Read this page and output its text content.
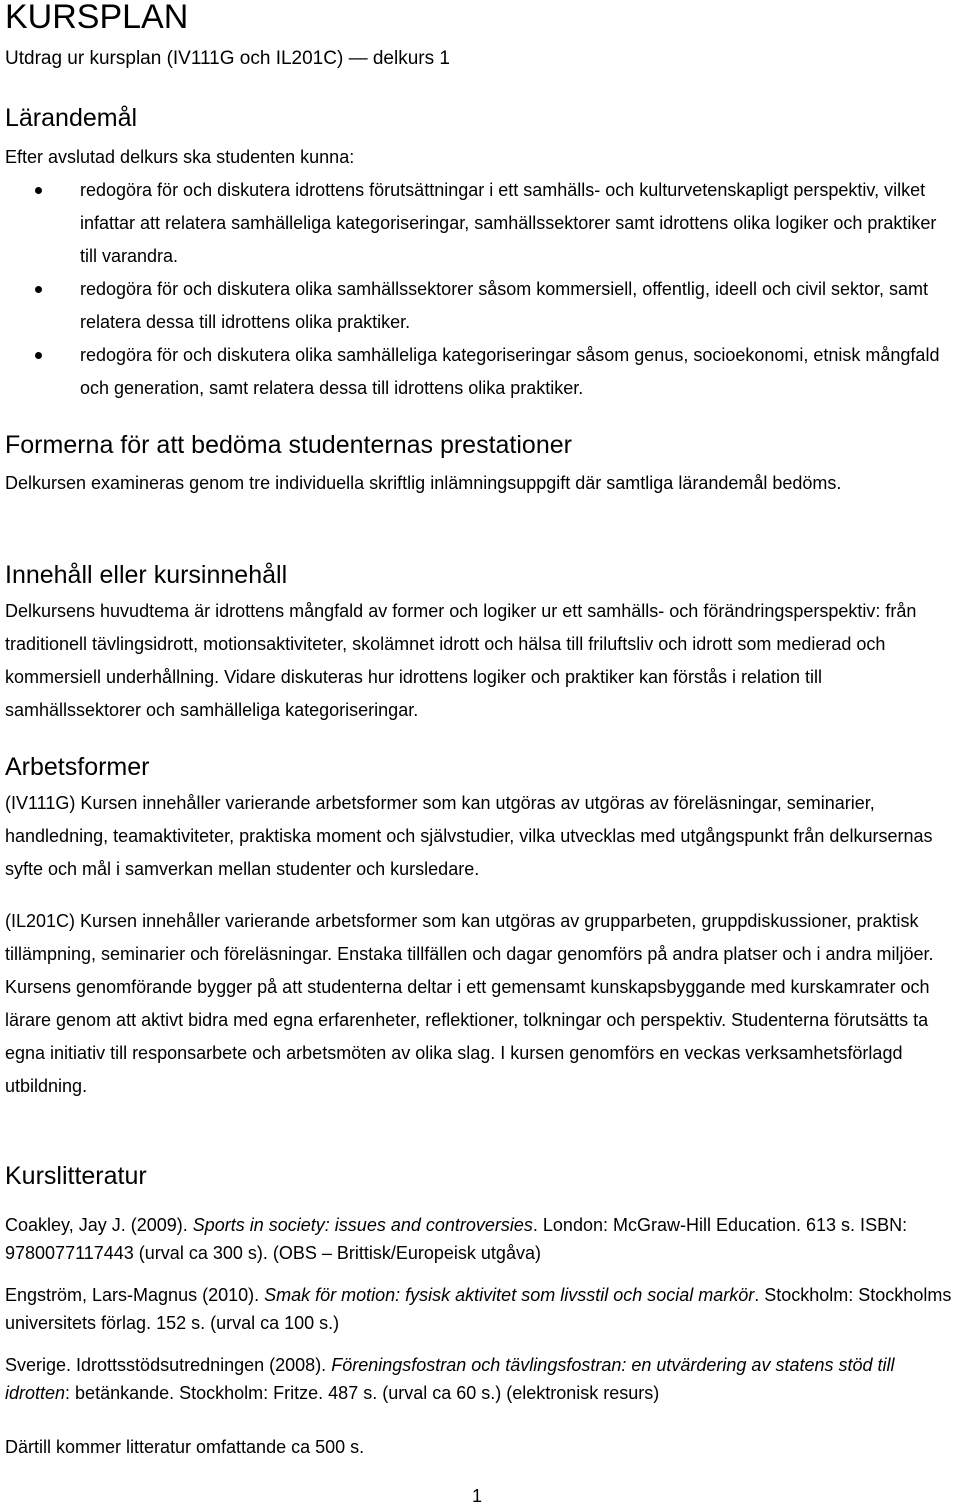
KURSPLAN
Utdrag ur kursplan (IV111G och IL201C) — delkurs 1
Lärandemål
Efter avslutad delkurs ska studenten kunna:
redogöra för och diskutera idrottens förutsättningar i ett samhälls- och kulturvetenskapligt perspektiv, vilket infattar att relatera samhälleliga kategoriseringar, samhällssektorer samt idrottens olika logiker och praktiker till varandra.
redogöra för och diskutera olika samhällssektorer såsom kommersiell, offentlig, ideell och civil sektor, samt relatera dessa till idrottens olika praktiker.
redogöra för och diskutera olika samhälleliga kategoriseringar såsom genus, socioekonomi, etnisk mångfald och generation, samt relatera dessa till idrottens olika praktiker.
Formerna för att bedöma studenternas prestationer
Delkursen examineras genom tre individuella skriftlig inlämningsuppgift där samtliga lärandemål bedöms.
Innehåll eller kursinnehåll
Delkursens huvudtema är idrottens mångfald av former och logiker ur ett samhälls- och förändringsperspektiv: från traditionell tävlingsidrott, motionsaktiviteter, skolämnet idrott och hälsa till friluftsliv och idrott som medierad och kommersiell underhållning. Vidare diskuteras hur idrottens logiker och praktiker kan förstås i relation till samhällssektorer och samhälleliga kategoriseringar.
Arbetsformer
(IV111G) Kursen innehåller varierande arbetsformer som kan utgöras av utgöras av föreläsningar, seminarier, handledning, teamaktiviteter, praktiska moment och självstudier, vilka utvecklas med utgångspunkt från delkursernas syfte och mål i samverkan mellan studenter och kursledare.
(IL201C) Kursen innehåller varierande arbetsformer som kan utgöras av grupparbeten, gruppdiskussioner, praktisk tillämpning, seminarier och föreläsningar. Enstaka tillfällen och dagar genomförs på andra platser och i andra miljöer. Kursens genomförande bygger på att studenterna deltar i ett gemensamt kunskapsbyggande med kurskamrater och lärare genom att aktivt bidra med egna erfarenheter, reflektioner, tolkningar och perspektiv. Studenterna förutsätts ta egna initiativ till responsarbete och arbetsmöten av olika slag. I kursen genomförs en veckas verksamhetsförlagd utbildning.
Kurslitteratur
Coakley, Jay J. (2009). Sports in society: issues and controversies. London: McGraw-Hill Education. 613 s. ISBN: 9780077117443 (urval ca 300 s). (OBS – Brittisk/Europeisk utgåva)
Engström, Lars-Magnus (2010). Smak för motion: fysisk aktivitet som livsstil och social markör. Stockholm: Stockholms universitets förlag. 152 s. (urval ca 100 s.)
Sverige. Idrottsstödsutredningen (2008). Föreningsfostran och tävlingsfostran: en utvärdering av statens stöd till idrotten: betänkande. Stockholm: Fritze. 487 s. (urval ca 60 s.) (elektronisk resurs)
Därtill kommer litteratur omfattande ca 500 s.
1
